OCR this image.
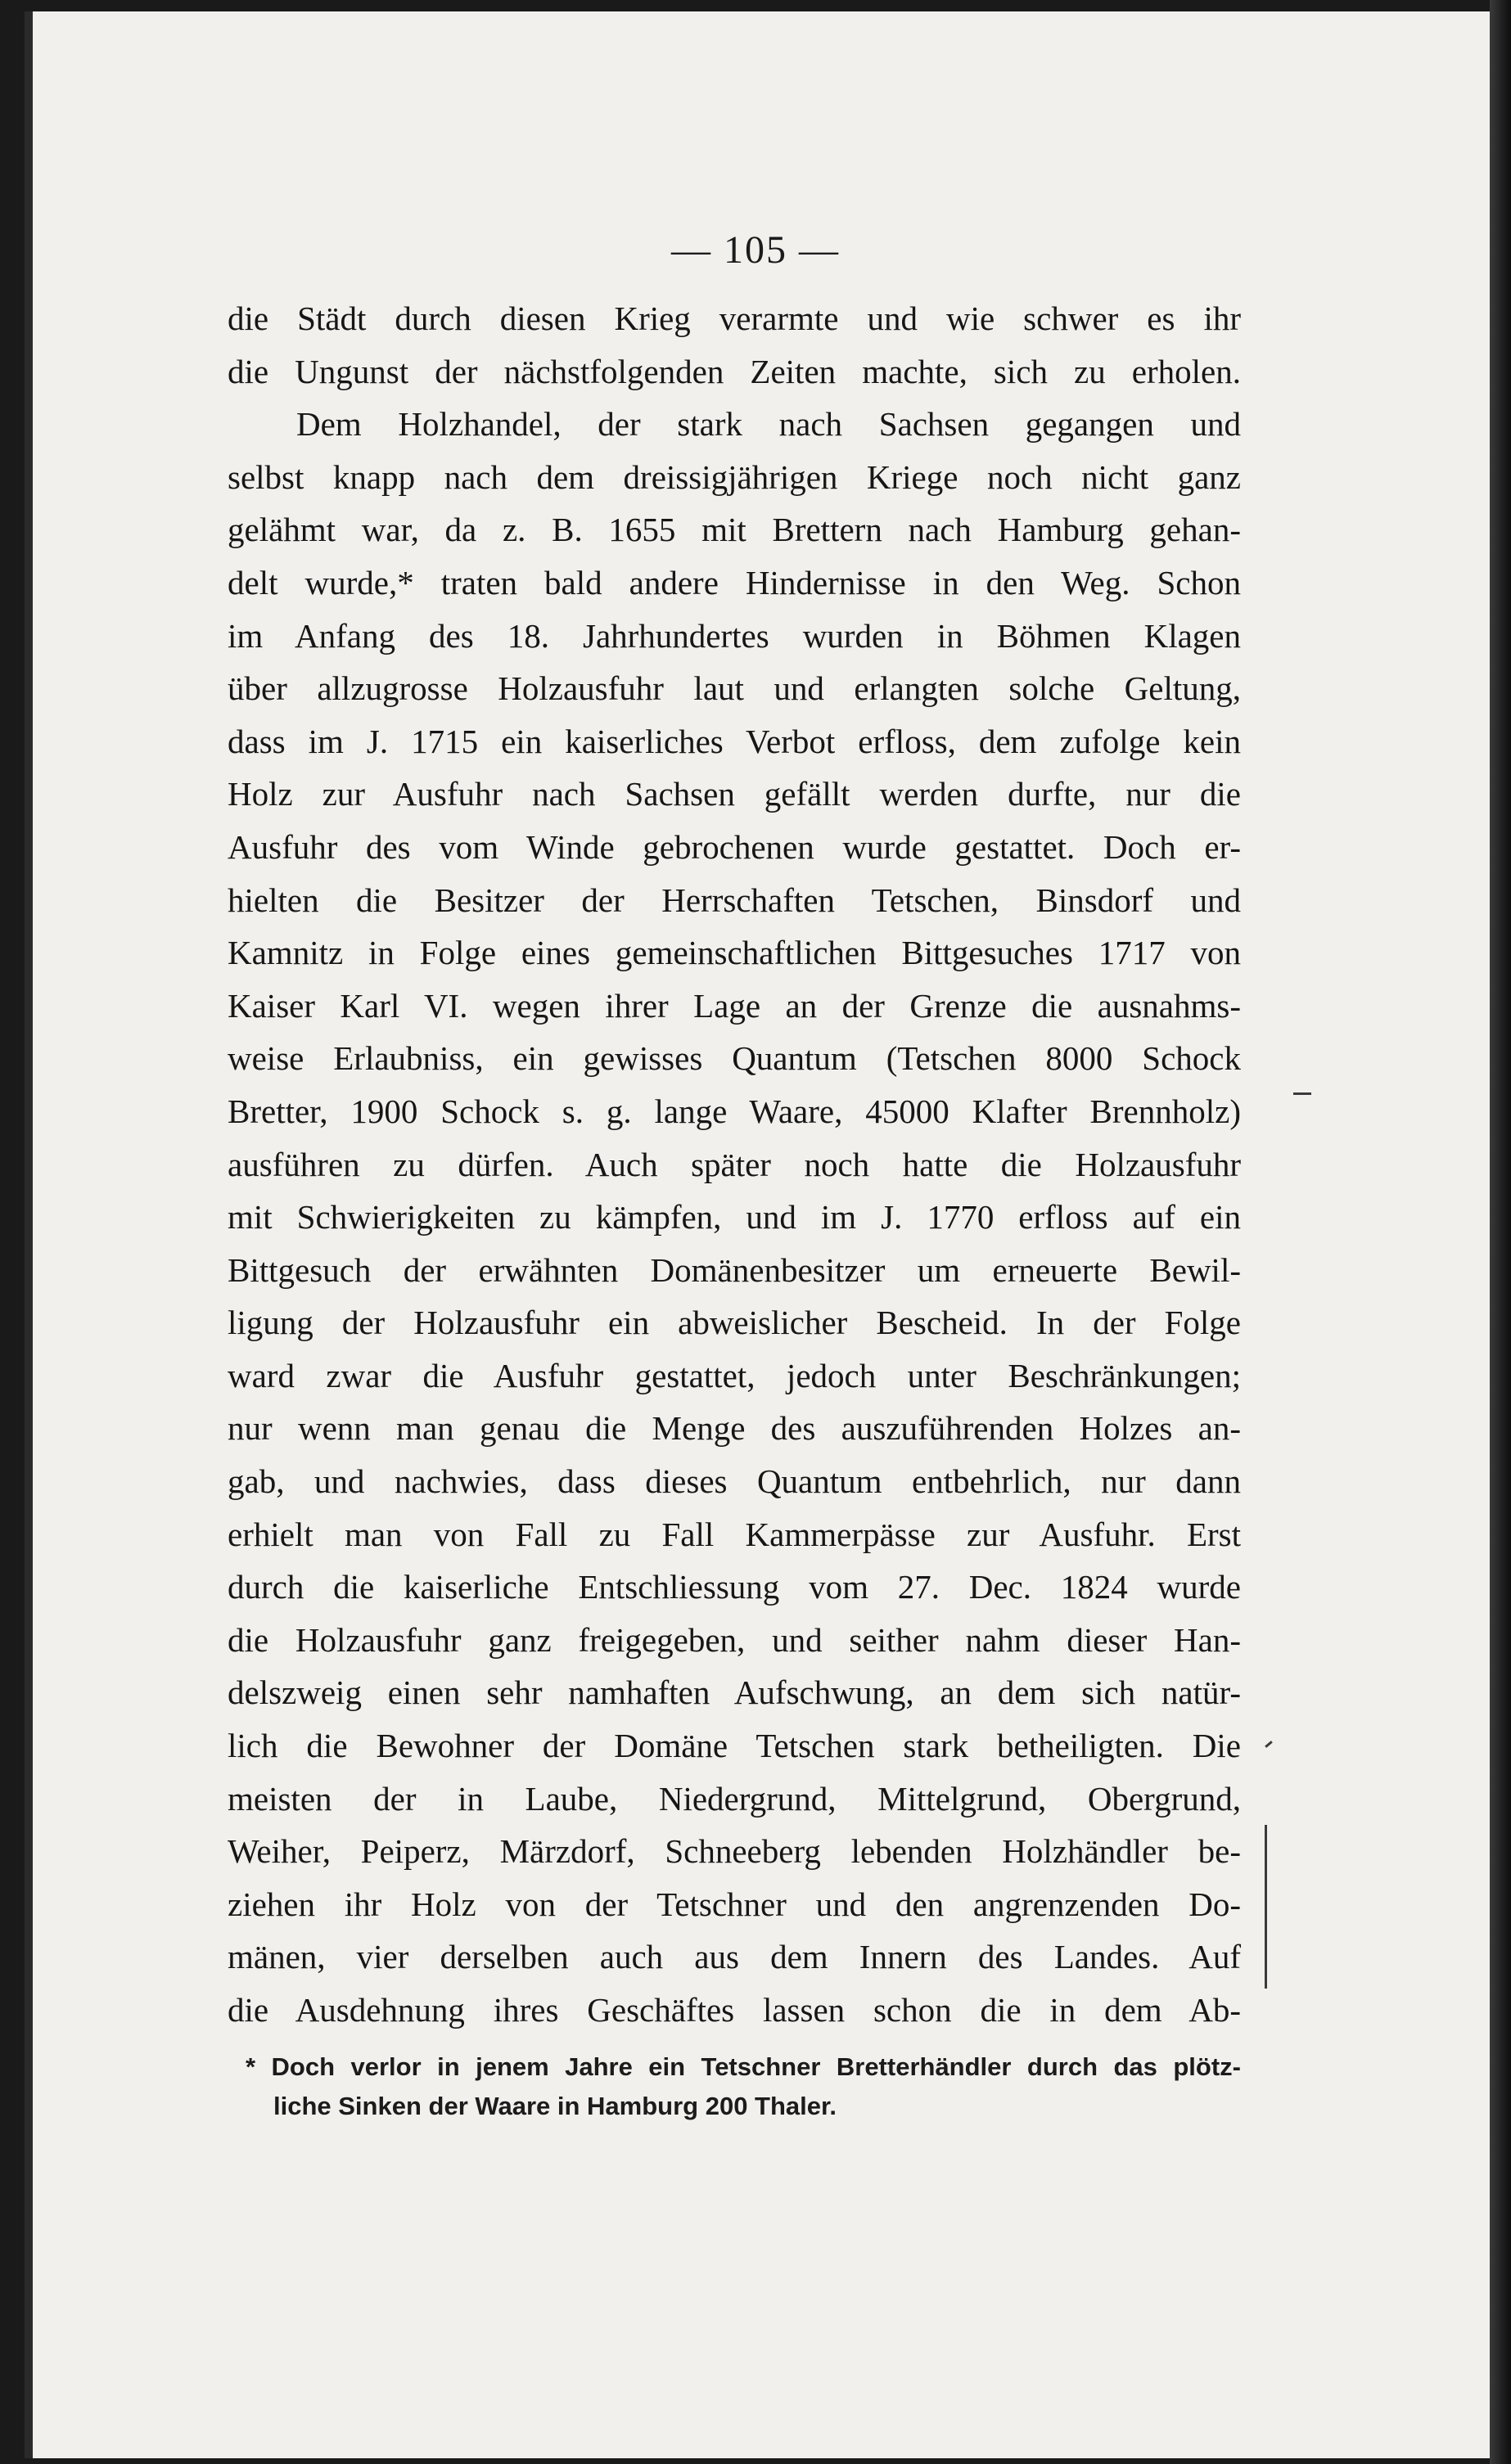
— 105 —
die Städt durch diesen Krieg verarmte und wie schwer es ihr
die Ungunst der nächstfolgenden Zeiten machte, sich zu erholen.
Dem Holzhandel, der stark nach Sachsen gegangen und
selbst knapp nach dem dreissigjährigen Kriege noch nicht ganz
gelähmt war, da z. B. 1655 mit Brettern nach Hamburg gehan-
delt wurde,* traten bald andere Hindernisse in den Weg. Schon
im Anfang des 18. Jahrhundertes wurden in Böhmen Klagen
über allzugrosse Holzausfuhr laut und erlangten solche Geltung,
dass im J. 1715 ein kaiserliches Verbot erfloss, dem zufolge kein
Holz zur Ausfuhr nach Sachsen gefällt werden durfte, nur die
Ausfuhr des vom Winde gebrochenen wurde gestattet. Doch er-
hielten die Besitzer der Herrschaften Tetschen, Binsdorf und
Kamnitz in Folge eines gemeinschaftlichen Bittgesuches 1717 von
Kaiser Karl VI. wegen ihrer Lage an der Grenze die ausnahms-
weise Erlaubniss, ein gewisses Quantum (Tetschen 8000 Schock
Bretter, 1900 Schock s. g. lange Waare, 45000 Klafter Brennholz)
ausführen zu dürfen. Auch später noch hatte die Holzausfuhr
mit Schwierigkeiten zu kämpfen, und im J. 1770 erfloss auf ein
Bittgesuch der erwähnten Domänenbesitzer um erneuerte Bewil-
ligung der Holzausfuhr ein abweislicher Bescheid. In der Folge
ward zwar die Ausfuhr gestattet, jedoch unter Beschränkungen;
nur wenn man genau die Menge des auszuführenden Holzes an-
gab, und nachwies, dass dieses Quantum entbehrlich, nur dann
erhielt man von Fall zu Fall Kammerpässe zur Ausfuhr. Erst
durch die kaiserliche Entschliessung vom 27. Dec. 1824 wurde
die Holzausfuhr ganz freigegeben, und seither nahm dieser Han-
delszweig einen sehr namhaften Aufschwung, an dem sich natür-
lich die Bewohner der Domäne Tetschen stark betheiligten. Die
meisten der in Laube, Niedergrund, Mittelgrund, Obergrund,
Weiher, Peiperz, Märzdorf, Schneeberg lebenden Holzhändler be-
ziehen ihr Holz von der Tetschner und den angrenzenden Do-
mänen, vier derselben auch aus dem Innern des Landes. Auf
die Ausdehnung ihres Geschäftes lassen schon die in dem Ab-
* Doch verlor in jenem Jahre ein Tetschner Bretterhändler durch das plötz-
liche Sinken der Waare in Hamburg 200 Thaler.
